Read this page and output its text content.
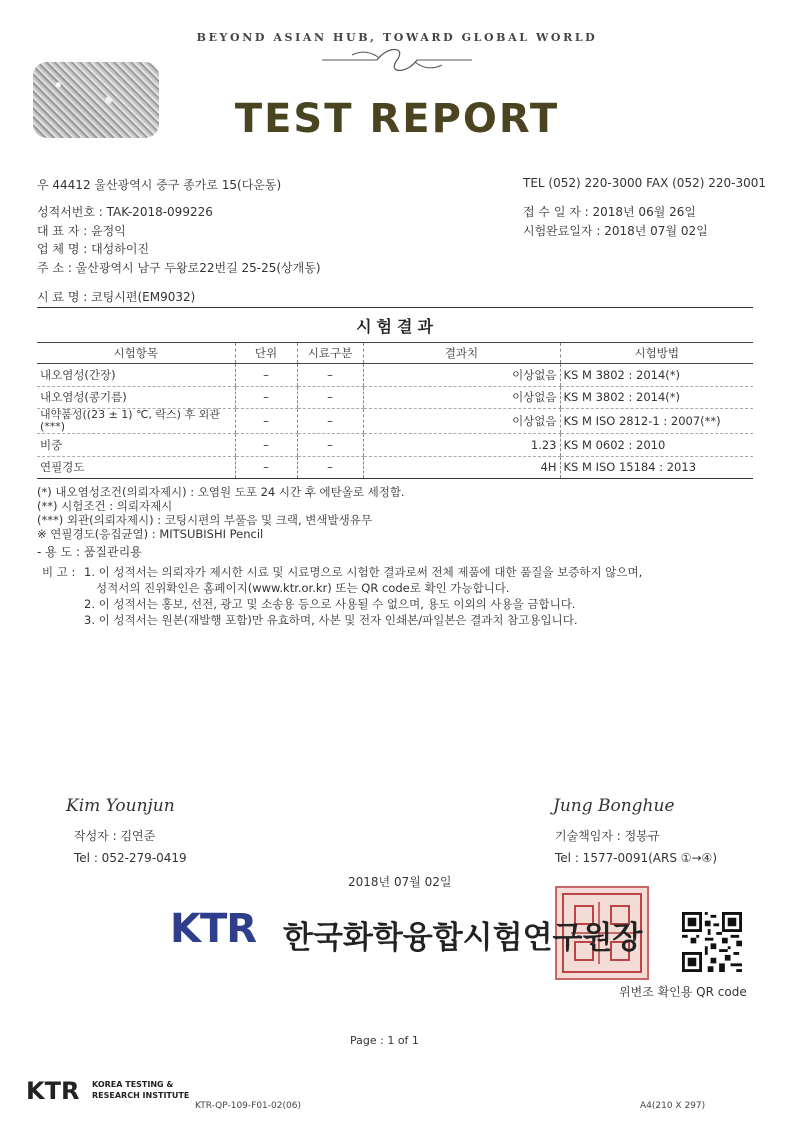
BEYOND ASIAN HUB, TOWARD GLOBAL WORLD
TEST REPORT
우 44412 울산광역시 중구 종가로 15(다운동)	TEL (052) 220-3000 FAX (052) 220-3001
성적서번호 : TAK-2018-099226
대 표 자 : 윤정익
업 체 명 : 대성하이진
주 소 : 울산광역시 남구 두왕로22번길 25-25(상개동)
접 수 일 자 : 2018년 06월 26일
시험완료일자 : 2018년 07월 02일
시 료 명 : 코팅시편(EM9032)
시험결과
시험항목	단위	시료구분	결과치	시험방법
내오염성(간장)	–	–	이상없음	KS M 3802 : 2014(*)
내오염성(콩기름)	–	–	이상없음	KS M 3802 : 2014(*)
내약품성((23 ± 1) ℃, 락스) 후 외관 (***)	–	–	이상없음	KS M ISO 2812-1 : 2007(**)
비중	–	–	1.23	KS M 0602 : 2010
연필경도	–	–	4H	KS M ISO 15184 : 2013
(*) 내오염성조건(의뢰자제시) : 오염원 도포 24 시간 후 에탄올로 세정함.
(**) 시험조건 : 의뢰자제시
(***) 외관(의뢰자제시) : 코팅시편의 부풀음 및 크랙, 변색발생유무
※ 연필경도(응집균열) : MITSUBISHI Pencil
- 용 도 : 품질관리용
비 고 : 1. 이 성적서는 의뢰자가 제시한 시료 및 시료명으로 시험한 결과로써 전체 제품에 대한 품질을 보증하지 않으며,
성적서의 진위확인은 홈페이지(www.ktr.or.kr) 또는 QR code로 확인 가능합니다.
2. 이 성적서는 홍보, 선전, 광고 및 소송용 등으로 사용될 수 없으며, 용도 이외의 사용을 금합니다.
3. 이 성적서는 원본(재발행 포함)만 유효하며, 사본 및 전자 인쇄본/파일본은 결과치 참고용입니다.
Kim Younjun
작성자 : 김연준
Tel : 052-279-0419
Jung Bonghue
기술책임자 : 정봉규
Tel : 1577-0091(ARS ①→④)
2018년 07월 02일
KTR 한국화학융합시험연구원장
위변조 확인용 QR code
Page : 1 of 1
KTR KOREA TESTING &
RESEARCH INSTITUTE
KTR-QP-109-F01-02(06)	A4(210 X 297)
